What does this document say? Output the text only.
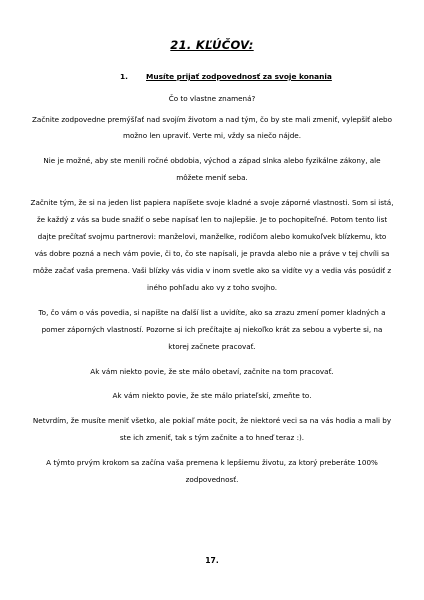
21. KĽÚČOV:
1. Musíte prijať zodpovednosť za svoje konania
Čo to vlastne znamená?
Začnite zodpovedne premýšľať nad svojím životom a nad tým, čo by ste mali zmeniť, vylepšiť alebo
možno len upraviť. Verte mi, vždy sa niečo nájde.
Nie je možné, aby ste menili ročné obdobia, východ a západ slnka alebo fyzikálne zákony, ale
môžete meniť seba.
Začnite tým, že si na jeden list papiera napíšete svoje kladné a svoje záporné vlastnosti. Som si istá,
že každý z vás sa bude snažiť o sebe napísať len to najlepšie. Je to pochopiteľné. Potom tento list
dajte prečítať svojmu partnerovi: manželovi, manželke, rodičom alebo komukoľvek blízkemu, kto
vás dobre pozná a nech vám povie, či to, čo ste napísali, je pravda alebo nie a práve v tej chvíli sa
môže začať vaša premena. Vaši blízky vás vidia v inom svetle ako sa vidíte vy a vedia vás posúdiť z
iného pohľadu ako vy z toho svojho.
To, čo vám o vás povedia, si napíšte na ďalší list a uvidíte, ako sa zrazu zmení pomer kladných a
pomer záporných vlastností. Pozorne si ich prečítajte aj niekoľko krát za sebou a vyberte si, na
ktorej začnete pracovať.
Ak vám niekto povie, že ste málo obetaví, začnite na tom pracovať.
Ak vám niekto povie, že ste málo priateľskí, zmeňte to.
Netvrdím, že musíte meniť všetko, ale pokiaľ máte pocit, že niektoré veci sa na vás hodia a mali by
ste ich zmeniť, tak s tým začnite a to hneď teraz :).
A týmto prvým krokom sa začína vaša premena k lepšiemu životu, za ktorý preberáte 100%
zodpovednosť.
17.
